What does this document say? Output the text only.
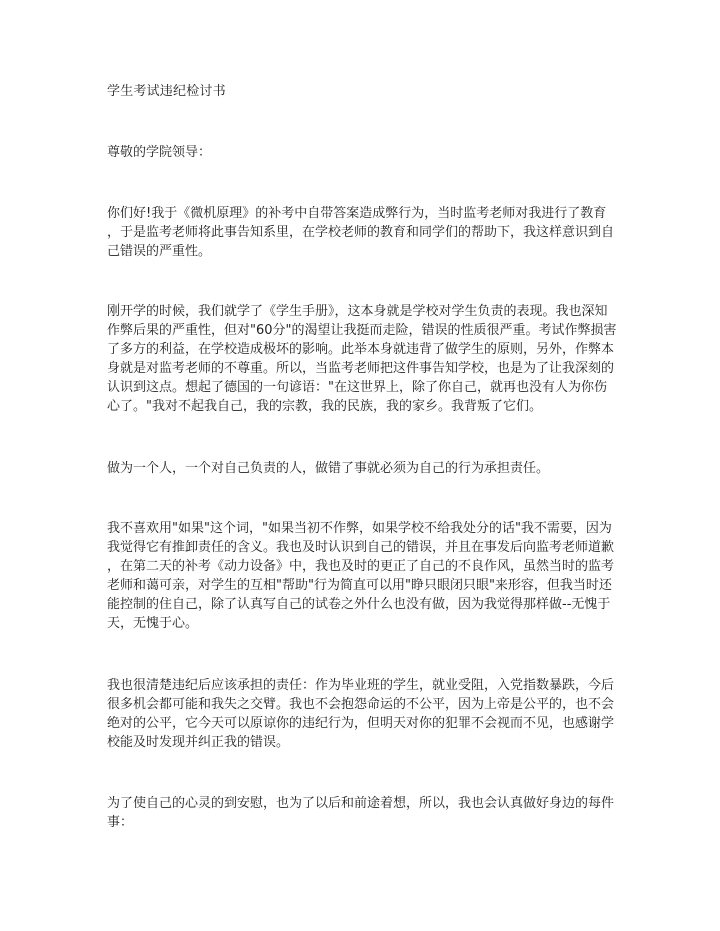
学生考试违纪检讨书
尊敬的学院领导：
你们好!我于《微机原理》的补考中自带答案造成弊行为，当时监考老师对我进行了教育
，于是监考老师将此事告知系里，在学校老师的教育和同学们的帮助下，我这样意识到自
己错误的严重性。
刚开学的时候，我们就学了《学生手册》，这本身就是学校对学生负责的表现。我也深知
作弊后果的严重性，但对"60分"的渴望让我挺而走险，错误的性质很严重。考试作弊损害
了多方的利益，在学校造成极坏的影响。此举本身就违背了做学生的原则，另外，作弊本
身就是对监考老师的不尊重。所以，当监考老师把这件事告知学校，也是为了让我深刻的
认识到这点。想起了德国的一句谚语："在这世界上，除了你自己，就再也没有人为你伤
心了。"我对不起我自己，我的宗教，我的民族，我的家乡。我背叛了它们。
做为一个人，一个对自己负责的人，做错了事就必须为自己的行为承担责任。
我不喜欢用"如果"这个词，"如果当初不作弊，如果学校不给我处分的话"我不需要，因为
我觉得它有推卸责任的含义。我也及时认识到自己的错误，并且在事发后向监考老师道歉
，在第二天的补考《动力设备》中，我也及时的更正了自己的不良作风，虽然当时的监考
老师和蔼可亲，对学生的互相"帮助"行为简直可以用"睁只眼闭只眼"来形容，但我当时还
能控制的住自己，除了认真写自己的试卷之外什么也没有做，因为我觉得那样做--无愧于
天，无愧于心。
我也很清楚违纪后应该承担的责任：作为毕业班的学生，就业受阻，入党指数暴跌，今后
很多机会都可能和我失之交臂。我也不会抱怨命运的不公平，因为上帝是公平的，也不会
绝对的公平，它今天可以原谅你的违纪行为，但明天对你的犯罪不会视而不见，也感谢学
校能及时发现并纠正我的错误。
为了使自己的心灵的到安慰，也为了以后和前途着想，所以，我也会认真做好身边的每件
事：
